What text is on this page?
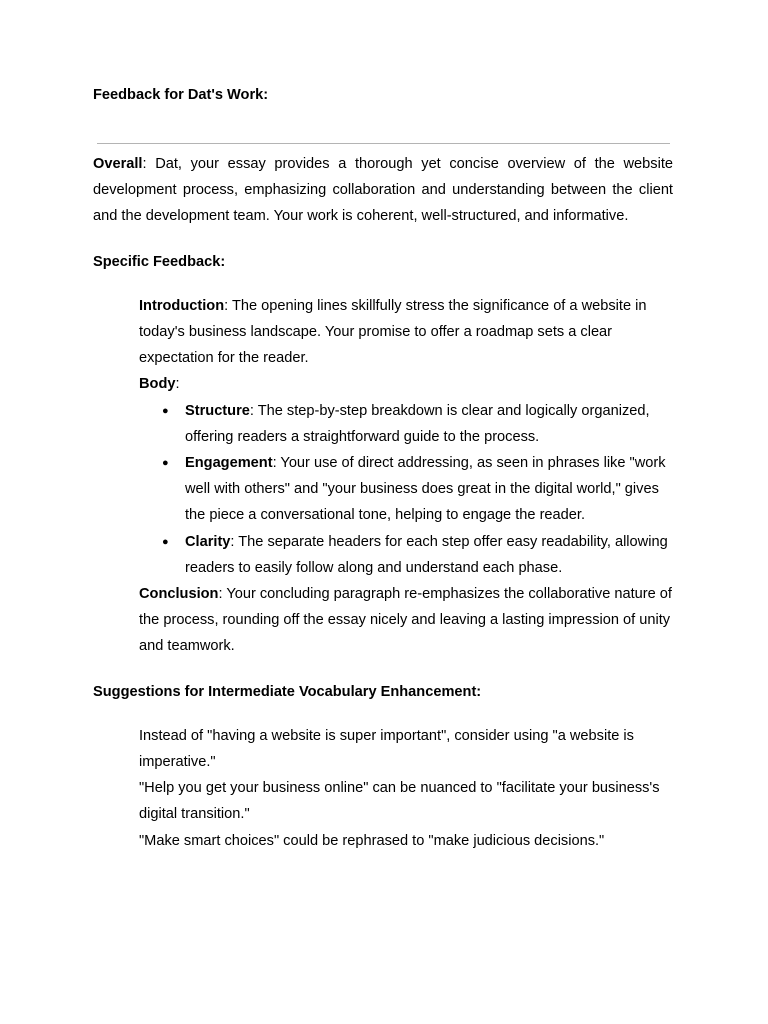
Feedback for Dat's Work:

Overall: Dat, your essay provides a thorough yet concise overview of the website development process, emphasizing collaboration and understanding between the client and the development team. Your work is coherent, well-structured, and informative.

Specific Feedback:

Introduction: The opening lines skillfully stress the significance of a website in today's business landscape. Your promise to offer a roadmap sets a clear expectation for the reader.

Body:

● Structure: The step-by-step breakdown is clear and logically organized, offering readers a straightforward guide to the process.
● Engagement: Your use of direct addressing, as seen in phrases like "work well with others" and "your business does great in the digital world," gives the piece a conversational tone, helping to engage the reader.
● Clarity: The separate headers for each step offer easy readability, allowing readers to easily follow along and understand each phase.

Conclusion: Your concluding paragraph re-emphasizes the collaborative nature of the process, rounding off the essay nicely and leaving a lasting impression of unity and teamwork.

Suggestions for Intermediate Vocabulary Enhancement:

Instead of "having a website is super important", consider using "a website is imperative."

"Help you get your business online" can be nuanced to "facilitate your business's digital transition."

"Make smart choices" could be rephrased to "make judicious decisions."
